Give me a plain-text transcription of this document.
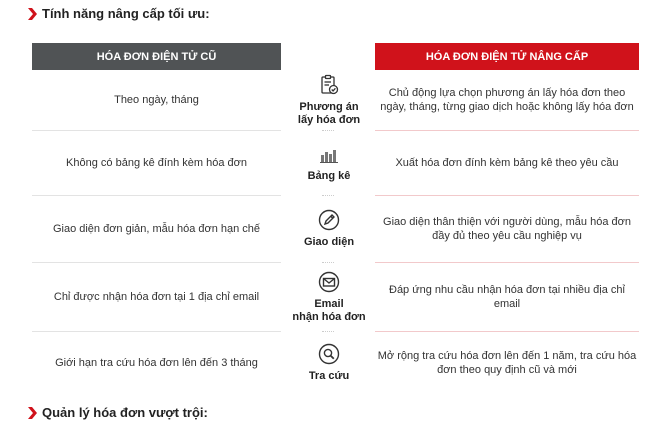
Tính năng nâng cấp tối ưu:
HÓA ĐƠN ĐIỆN TỬ CŨ	HÓA ĐƠN ĐIỆN TỬ NÂNG CẤP
Theo ngày, tháng
Phương án
lấy hóa đơn
Chủ động lựa chọn phương án lấy hóa đơn theo ngày, tháng, từng giao dịch hoặc không lấy hóa đơn
Không có bảng kê đính kèm hóa đơn
Bảng kê
Xuất hóa đơn đính kèm bảng kê theo yêu cầu
Giao diện đơn giản, mẫu hóa đơn hạn chế
Giao diện
Giao diện thân thiện với người dùng, mẫu hóa đơn đầy đủ theo yêu cầu nghiệp vụ
Chỉ được nhận hóa đơn tại 1 địa chỉ email
Email
nhận hóa đơn
Đáp ứng nhu cầu nhận hóa đơn tại nhiều địa chỉ email
Giới hạn tra cứu hóa đơn lên đến 3 tháng
Tra cứu
Mở rộng tra cứu hóa đơn lên đến 1 năm, tra cứu hóa đơn theo quy định cũ và mới
Quản lý hóa đơn vượt trội:
